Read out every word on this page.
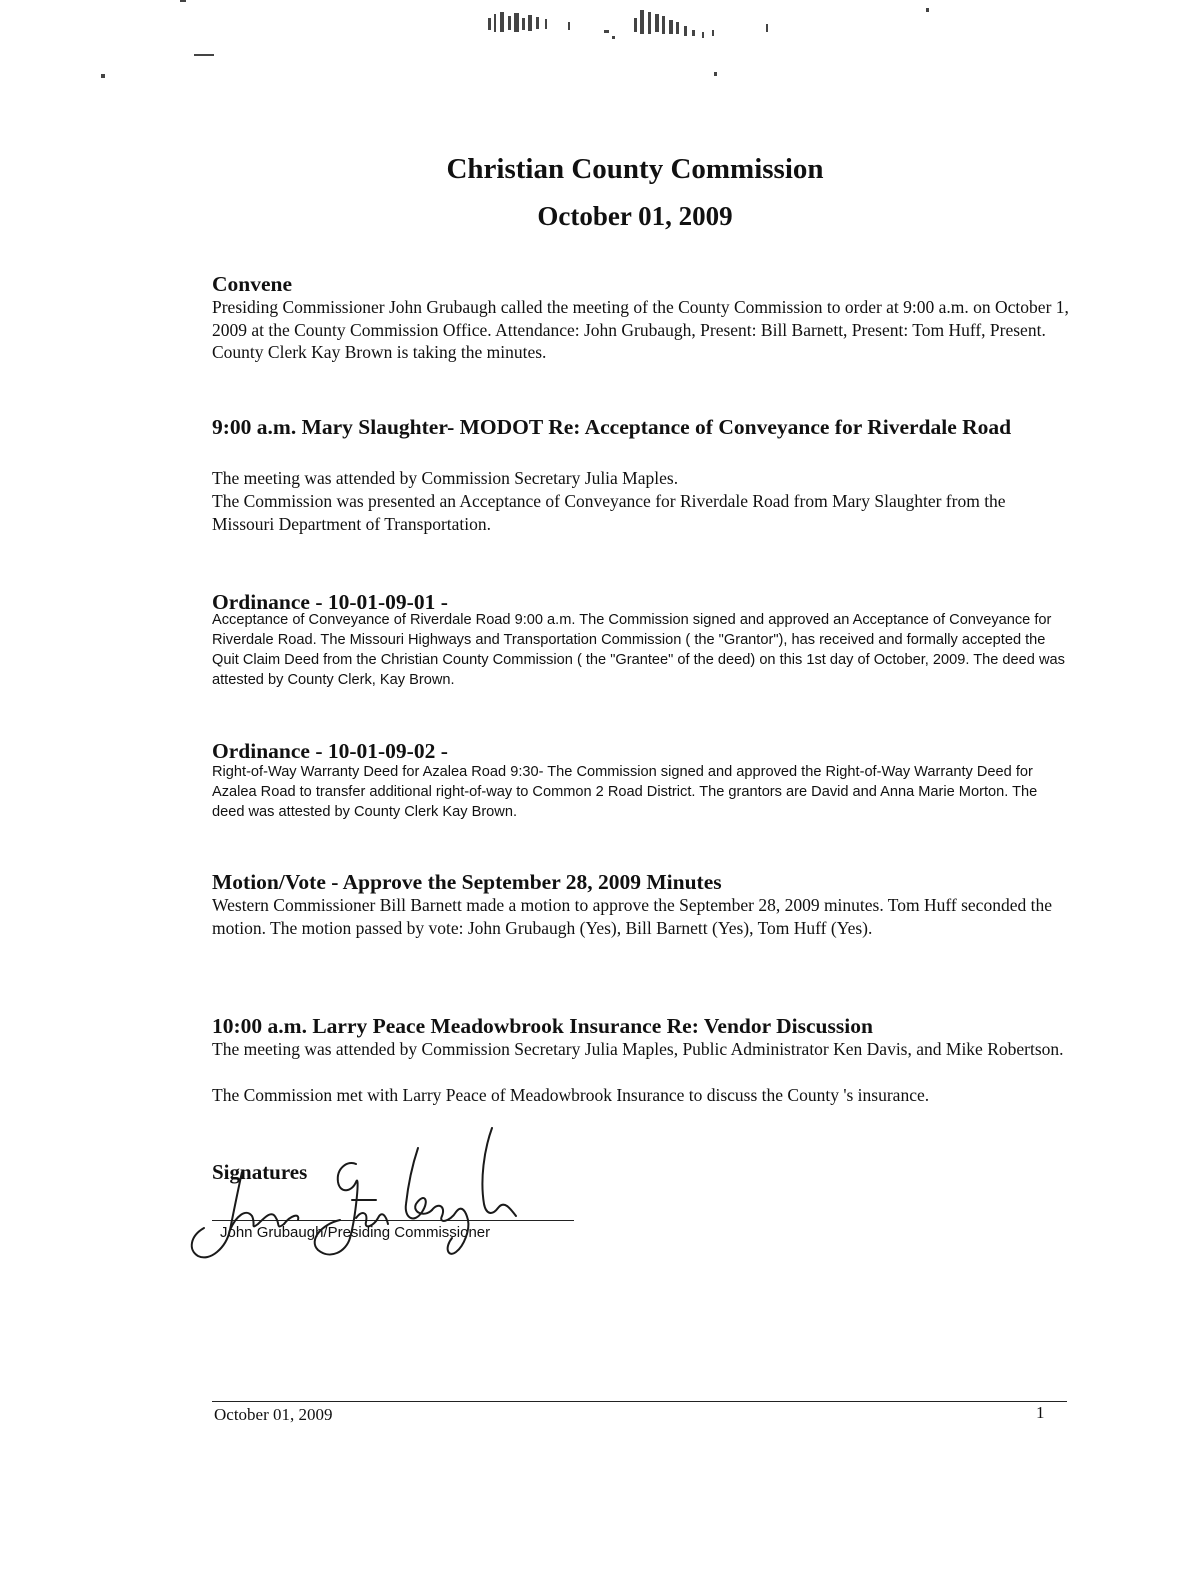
Christian County Commission
October 01, 2009
Convene
Presiding Commissioner John Grubaugh called the meeting of the County Commission to order at 9:00 a.m. on October 1, 2009 at the County Commission Office. Attendance: John Grubaugh, Present: Bill Barnett, Present: Tom Huff, Present. County Clerk Kay Brown is taking the minutes.
9:00 a.m. Mary Slaughter- MODOT Re: Acceptance of Conveyance for Riverdale Road
The meeting was attended by Commission Secretary Julia Maples.
The Commission was presented an Acceptance of Conveyance for Riverdale Road from Mary Slaughter from the Missouri Department of Transportation.
Ordinance - 10-01-09-01 -
Acceptance of Conveyance of Riverdale Road 9:00 a.m. The Commission signed and approved an Acceptance of Conveyance for Riverdale Road. The Missouri Highways and Transportation Commission ( the "Grantor"), has received and formally accepted the Quit Claim Deed from the Christian County Commission ( the "Grantee" of the deed) on this 1st day of October, 2009. The deed was attested by County Clerk, Kay Brown.
Ordinance - 10-01-09-02 -
Right-of-Way Warranty Deed for Azalea Road 9:30- The Commission signed and approved the Right-of-Way Warranty Deed for Azalea Road to transfer additional right-of-way to Common 2 Road District. The grantors are David and Anna Marie Morton. The deed was attested by County Clerk Kay Brown.
Motion/Vote - Approve the September 28, 2009 Minutes
Western Commissioner Bill Barnett made a motion to approve the September 28, 2009 minutes. Tom Huff seconded the motion. The motion passed by vote: John Grubaugh (Yes), Bill Barnett (Yes), Tom Huff (Yes).
10:00 a.m. Larry Peace Meadowbrook Insurance Re: Vendor Discussion
The meeting was attended by Commission Secretary Julia Maples, Public Administrator Ken Davis, and Mike Robertson.
The Commission met with Larry Peace of Meadowbrook Insurance to discuss the County 's insurance.
Signatures
John Grubaugh/Presiding Commissioner
October 01, 2009	1
